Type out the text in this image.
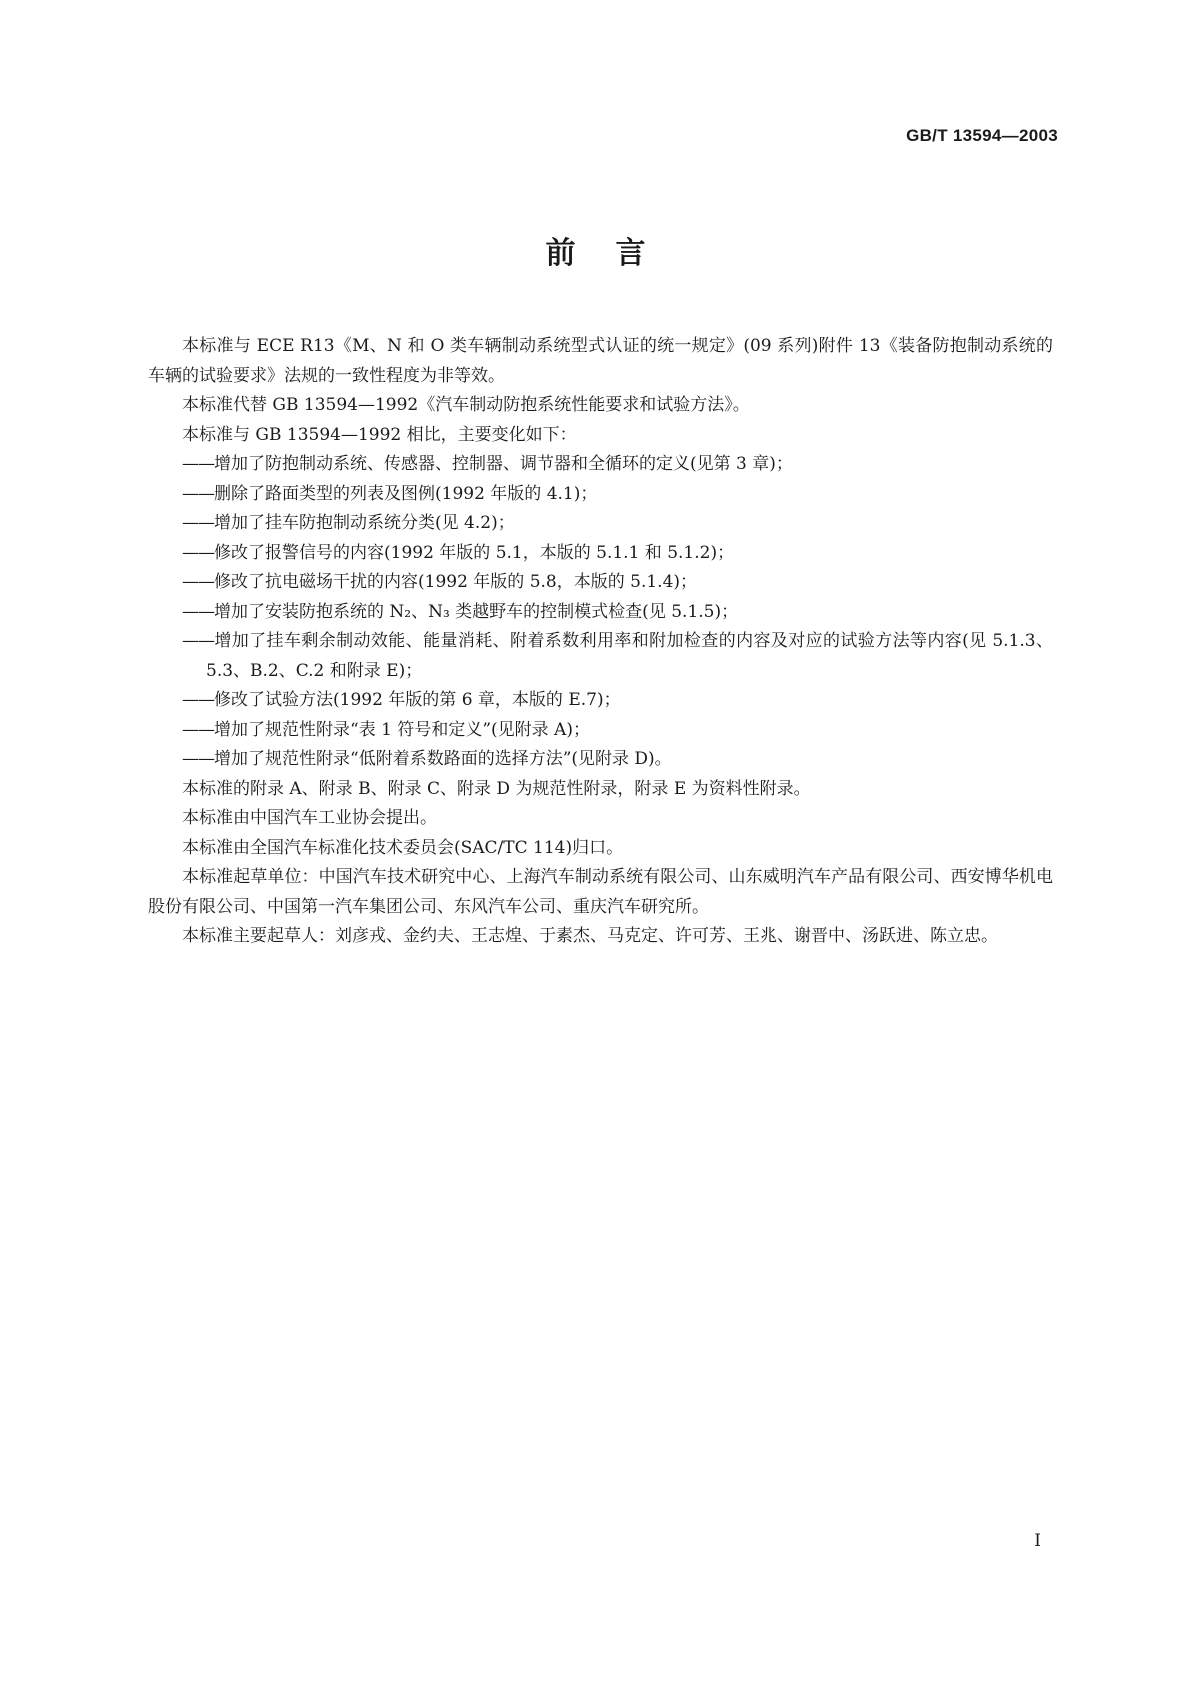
GB/T 13594—2003
前言

本标准与 ECE R13《M、N 和 O 类车辆制动系统型式认证的统一规定》(09 系列)附件 13《装备防抱制动系统的车辆的试验要求》法规的一致性程度为非等效。

本标准代替 GB 13594—1992《汽车制动防抱系统性能要求和试验方法》。

本标准与 GB 13594—1992 相比，主要变化如下：

——增加了防抱制动系统、传感器、控制器、调节器和全循环的定义(见第 3 章)；
——删除了路面类型的列表及图例(1992 年版的 4.1)；
——增加了挂车防抱制动系统分类(见 4.2)；
——修改了报警信号的内容(1992 年版的 5.1，本版的 5.1.1 和 5.1.2)；
——修改了抗电磁场干扰的内容(1992 年版的 5.8，本版的 5.1.4)；
——增加了安装防抱系统的 N₂、N₃ 类越野车的控制模式检查(见 5.1.5)；
——增加了挂车剩余制动效能、能量消耗、附着系数利用率和附加检查的内容及对应的试验方法等内容(见 5.1.3、5.3、B.2、C.2 和附录 E)；
——修改了试验方法(1992 年版的第 6 章，本版的 E.7)；
——增加了规范性附录“表 1 符号和定义”(见附录 A)；
——增加了规范性附录“低附着系数路面的选择方法”(见附录 D)。

本标准的附录 A、附录 B、附录 C、附录 D 为规范性附录，附录 E 为资料性附录。

本标准由中国汽车工业协会提出。

本标准由全国汽车标准化技术委员会(SAC/TC 114)归口。

本标准起草单位：中国汽车技术研究中心、上海汽车制动系统有限公司、山东威明汽车产品有限公司、西安博华机电股份有限公司、中国第一汽车集团公司、东风汽车公司、重庆汽车研究所。

本标准主要起草人：刘彦戎、金约夫、王志煌、于素杰、马克定、许可芳、王兆、谢晋中、汤跃进、陈立忠。

I
